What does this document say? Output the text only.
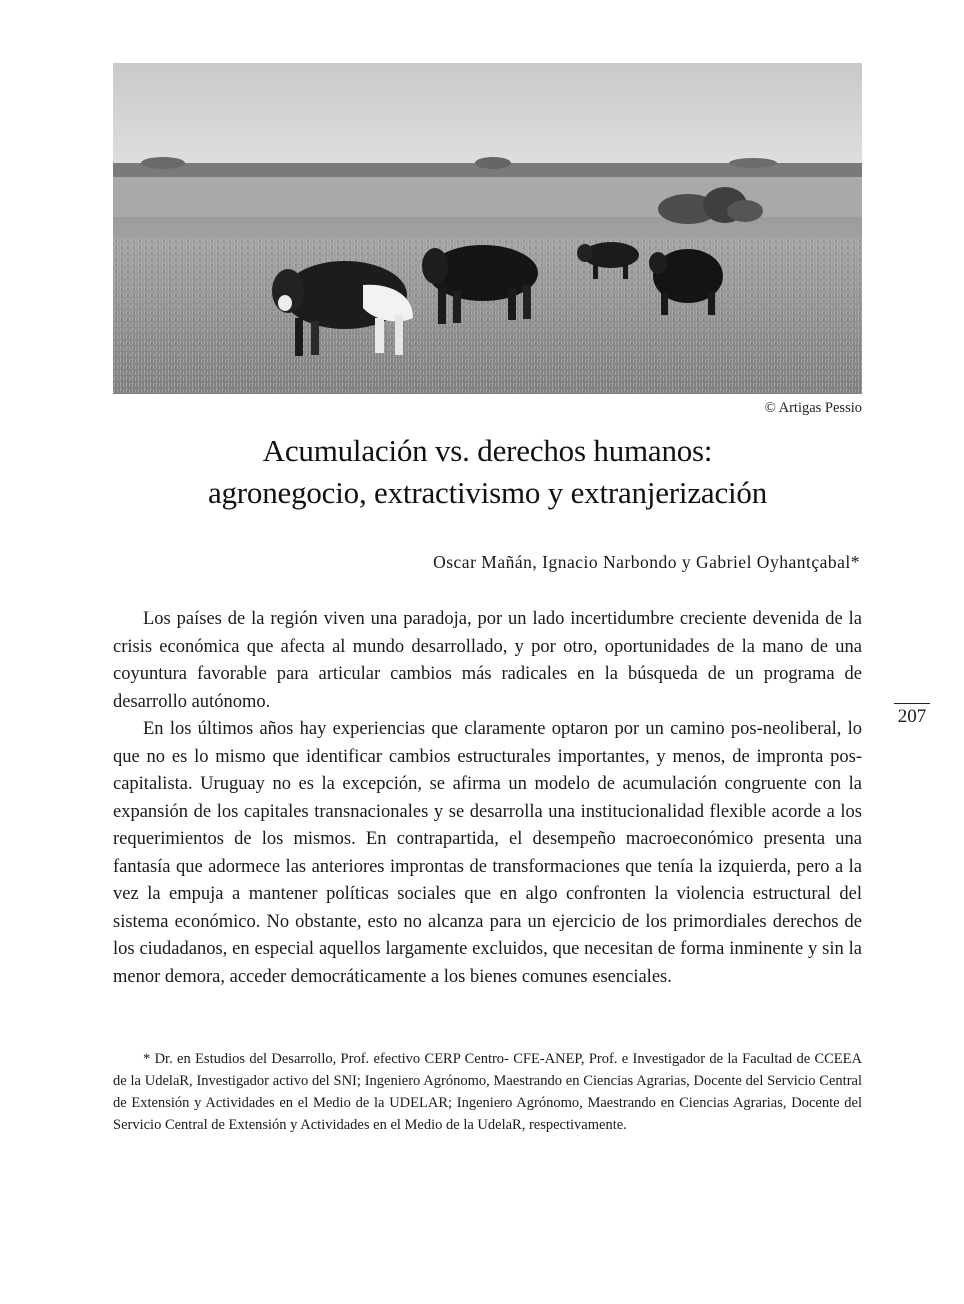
© Artigas Pessio
Acumulación vs. derechos humanos:
agronegocio, extractivismo y extranjerización
Oscar Mañán, Ignacio Narbondo y Gabriel Oyhantçabal*

Los países de la región viven una paradoja, por un lado incertidumbre creciente devenida de la crisis económica que afecta al mundo desarrollado, y por otro, oportunidades de la mano de una coyuntura favorable para articular cambios más radicales en la búsqueda de un programa de desarrollo autónomo.

En los últimos años hay experiencias que claramente optaron por un camino pos-neoliberal, lo que no es lo mismo que identificar cambios estructurales importantes, y menos, de impronta pos-capitalista. Uruguay no es la excepción, se afirma un modelo de acumulación congruente con la expansión de los capitales transnacionales y se desarrolla una institucionalidad flexible acorde a los requerimientos de los mismos. En contrapartida, el desempeño macroeconómico presenta una fantasía que adormece las anteriores improntas de transformaciones que tenía la izquierda, pero a la vez la empuja a mantener políticas sociales que en algo confronten la violencia estructural del sistema económico. No obstante, esto no alcanza para un ejercicio de los primordiales derechos de los ciudadanos, en especial aquellos largamente excluidos, que necesitan de forma inminente y sin la menor demora, acceder democráticamente a los bienes comunes esenciales.

207

* Dr. en Estudios del Desarrollo, Prof. efectivo CERP Centro- CFE-ANEP, Prof. e Investigador de la Facultad de CCEEA de la UdelaR, Investigador activo del SNI; Ingeniero Agrónomo, Maestrando en Ciencias Agrarias, Docente del Servicio Central de Extensión y Actividades en el Medio de la UDELAR; Ingeniero Agrónomo, Maestrando en Ciencias Agrarias, Docente del Servicio Central de Extensión y Actividades en el Medio de la UdelaR, respectivamente.
